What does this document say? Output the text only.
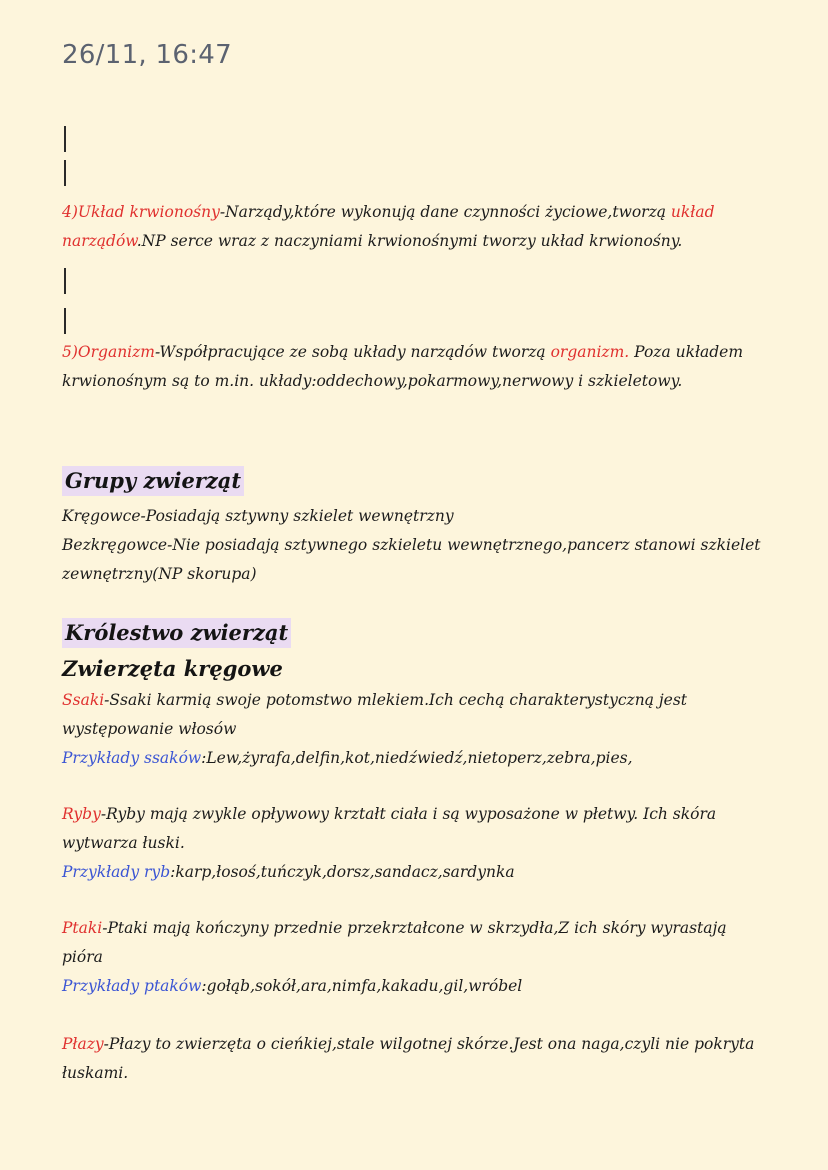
26/11, 16:47
4)Układ krwionośny-Narządy,które wykonują dane czynności życiowe,tworzą układ narządów.NP serce wraz z naczyniami krwionośnymi tworzy układ krwionośny.
5)Organizm-Współpracujące ze sobą układy narządów tworzą organizm. Poza układem krwionośnym są to m.in. układy:oddechowy,pokarmowy,nerwowy i szkieletowy.
Grupy zwierząt
Kręgowce-Posiadają sztywny szkielet wewnętrzny
Bezkręgowce-Nie posiadają sztywnego szkieletu wewnętrznego,pancerz stanowi szkielet zewnętrzny(NP skorupa)
Królestwo zwierząt
Zwierzęta kręgowe
Ssaki-Ssaki karmią swoje potomstwo mlekiem.Ich cechą charakterystyczną jest występowanie włosów
Przykłady ssaków:Lew,żyrafa,delfin,kot,niedźwiedź,nietoperz,zebra,pies,
Ryby-Ryby mają zwykle opływowy krztałt ciała i są wyposażone w płetwy. Ich skóra wytwarza łuski.
Przykłady ryb:karp,łosoś,tuńczyk,dorsz,sandacz,sardynka
Ptaki-Ptaki mają kończyny przednie przekrztałcone w skrzydła,Z ich skóry wyrastają pióra
Przykłady ptaków:gołąb,sokół,ara,nimfa,kakadu,gil,wróbel
Płazy-Płazy to zwierzęta o cieńkiej,stale wilgotnej skórze.Jest ona naga,czyli nie pokryta łuskami.
